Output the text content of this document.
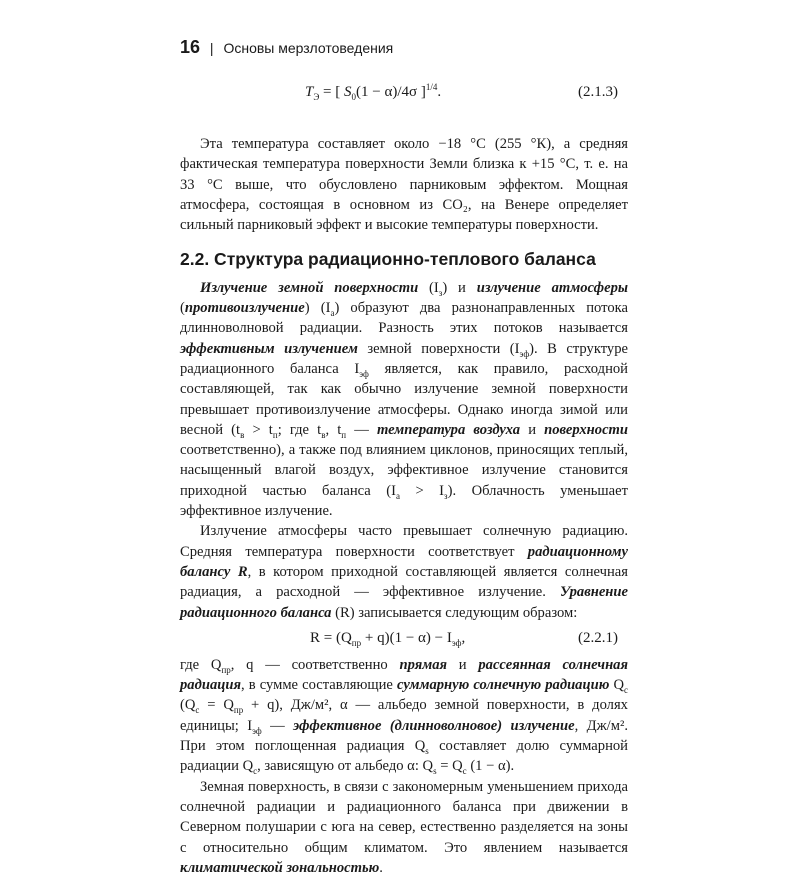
16 | Основы мерзлотоведения
$T_Э$ = [ $S_0(1 - \alpha)/4\sigma$ ]$^{1/4}$.	(2.1.3)

Эта температура составляет около −18 °С (255 °К), а средняя фактическая температура поверхности Земли близка к +15 °С, т. е. на 33 °С выше, что обусловлено парниковым эффектом. Мощная атмосфера, состоящая в основном из CO₂, на Венере определяет сильный парниковый эффект и высокие температуры поверхности.

2.2. Структура радиационно-теплового баланса

Излучение земной поверхности $(I_з)$ и излучение атмосферы (противоизлучение) $(I_а)$ образуют два разнонаправленных потока длинноволновой радиации. Разность этих потоков называется эффективным излучением земной поверхности $(I_{эф})$. В структуре радиационного баланса $I_{эф}$ является, как правило, расходной составляющей, так как обычно излучение земной поверхности превышает противоизлучение атмосферы. Однако иногда зимой или весной ($t_в > t_п$; где $t_в$, $t_п$ — температура воздуха и поверхности соответственно), а также под влиянием циклонов, приносящих теплый, насыщенный влагой воздух, эффективное излучение становится приходной частью баланса $(I_а > I_з)$. Облачность уменьшает эффективное излучение.

Излучение атмосферы часто превышает солнечную радиацию. Средняя температура поверхности соответствует радиационному балансу R, в котором приходной составляющей является солнечная радиация, а расходной — эффективное излучение. Уравнение радиационного баланса (R) записывается следующим образом:

$R = (Q_{пр} + q)(1 - \alpha) - I_{эф}$,	(2.2.1)

где $Q_{пр}$, q — соответственно прямая и рассеянная солнечная радиация, в сумме составляющие суммарную солнечную радиацию $Q_c$ $(Q_c = Q_{пр} + q)$, Дж/м², α — альбедо земной поверхности, в долях единицы; $I_{эф}$ — эффективное (длинноволновое) излучение, Дж/м². При этом поглощенная радиация $Q_s$ составляет долю суммарной радиации $Q_c$, зависящую от альбедо α: $Q_s = Q_c$ (1 − α).

Земная поверхность, в связи с закономерным уменьшением прихода солнечной радиации и радиационного баланса при движении в Северном полушарии с юга на север, естественно разделяется на зоны с относительно общим климатом. Это явлением называется климатической зональностью.
